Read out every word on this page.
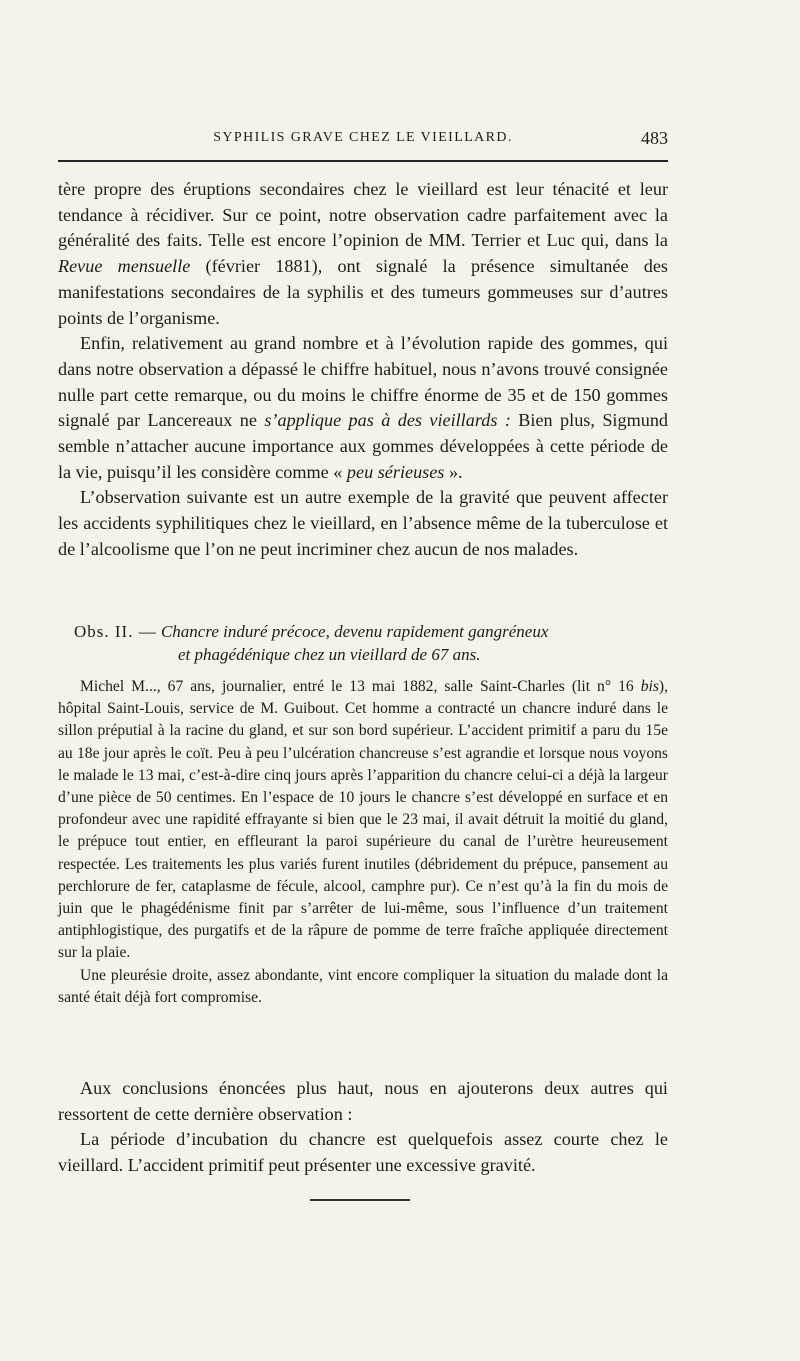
SYPHILIS GRAVE CHEZ LE VIEILLARD.	483

tère propre des éruptions secondaires chez le vieillard est leur ténacité et leur tendance à récidiver. Sur ce point, notre observation cadre parfaitement avec la généralité des faits. Telle est encore l’opinion de MM. Terrier et Luc qui, dans la Revue mensuelle (février 1881), ont signalé la présence simultanée des manifestations secondaires de la syphilis et des tumeurs gommeuses sur d’autres points de l’organisme.

Enfin, relativement au grand nombre et à l’évolution rapide des gommes, qui dans notre observation a dépassé le chiffre habituel, nous n’avons trouvé consignée nulle part cette remarque, ou du moins le chiffre énorme de 35 et de 150 gommes signalé par Lancereaux ne s’applique pas à des vieillards : Bien plus, Sigmund semble n’attacher aucune importance aux gommes développées à cette période de la vie, puisqu’il les considère comme « peu sérieuses ».

L’observation suivante est un autre exemple de la gravité que peuvent affecter les accidents syphilitiques chez le vieillard, en l’absence même de la tuberculose et de l’alcoolisme que l’on ne peut incriminer chez aucun de nos malades.

Obs. II. — Chancre induré précoce, devenu rapidement gangréneux

et phagédénique chez un vieillard de 67 ans.

Michel M..., 67 ans, journalier, entré le 13 mai 1882, salle Saint-Charles (lit n° 16 bis), hôpital Saint-Louis, service de M. Guibout. Cet homme a contracté un chancre induré dans le sillon préputial à la racine du gland, et sur son bord supérieur. L’accident primitif a paru du 15e au 18e jour après le coït. Peu à peu l’ulcération chancreuse s’est agrandie et lorsque nous voyons le malade le 13 mai, c’est-à-dire cinq jours après l’apparition du chancre celui-ci a déjà la largeur d’une pièce de 50 centimes. En l’espace de 10 jours le chancre s’est développé en surface et en profondeur avec une rapidité effrayante si bien que le 23 mai, il avait détruit la moitié du gland, le prépuce tout entier, en effleurant la paroi supérieure du canal de l’urètre heureusement respectée. Les traitements les plus variés furent inutiles (débridement du prépuce, pansement au perchlorure de fer, cataplasme de fécule, alcool, camphre pur). Ce n’est qu’à la fin du mois de juin que le phagédénisme finit par s’arrêter de lui-même, sous l’influence d’un traitement antiphlogistique, des purgatifs et de la râpure de pomme de terre fraîche appliquée directement sur la plaie.

Une pleurésie droite, assez abondante, vint encore compliquer la situation du malade dont la santé était déjà fort compromise.

Aux conclusions énoncées plus haut, nous en ajouterons deux autres qui ressortent de cette dernière observation :

La période d’incubation du chancre est quelquefois assez courte chez le vieillard. L’accident primitif peut présenter une excessive gravité.
